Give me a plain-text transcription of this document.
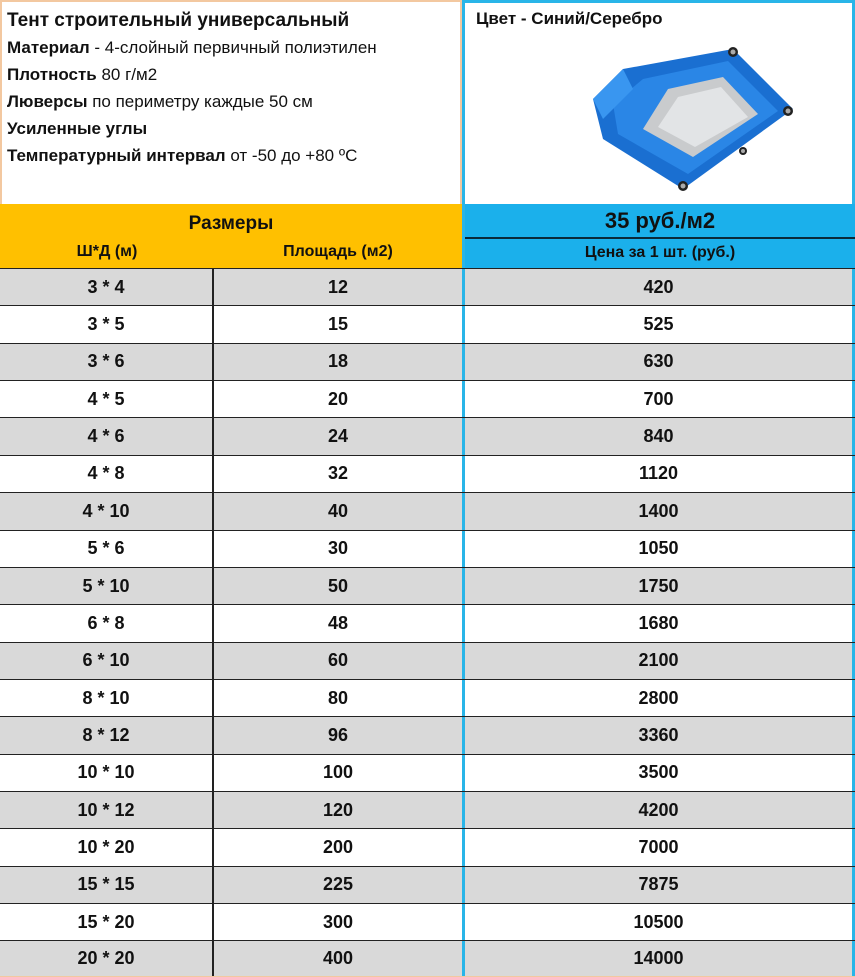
Тент строительный универсальный
Материал - 4-слойный первичный полиэтилен
Плотность 80 г/м2
Люверсы по периметру каждые 50 см
Усиленные углы
Температурный интервал от -50 до +80 ºС
Цвет - Синий/Серебро
Размеры
Ш*Д (м)	Площадь (м2)
35 руб./м2
Цена за 1 шт. (руб.)
3 * 4	12	420
3 * 5	15	525
3 * 6	18	630
4 * 5	20	700
4 * 6	24	840
4 * 8	32	1120
4 * 10	40	1400
5 * 6	30	1050
5 * 10	50	1750
6 * 8	48	1680
6 * 10	60	2100
8 * 10	80	2800
8 * 12	96	3360
10 * 10	100	3500
10 * 12	120	4200
10 * 20	200	7000
15 * 15	225	7875
15 * 20	300	10500
20 * 20	400	14000
